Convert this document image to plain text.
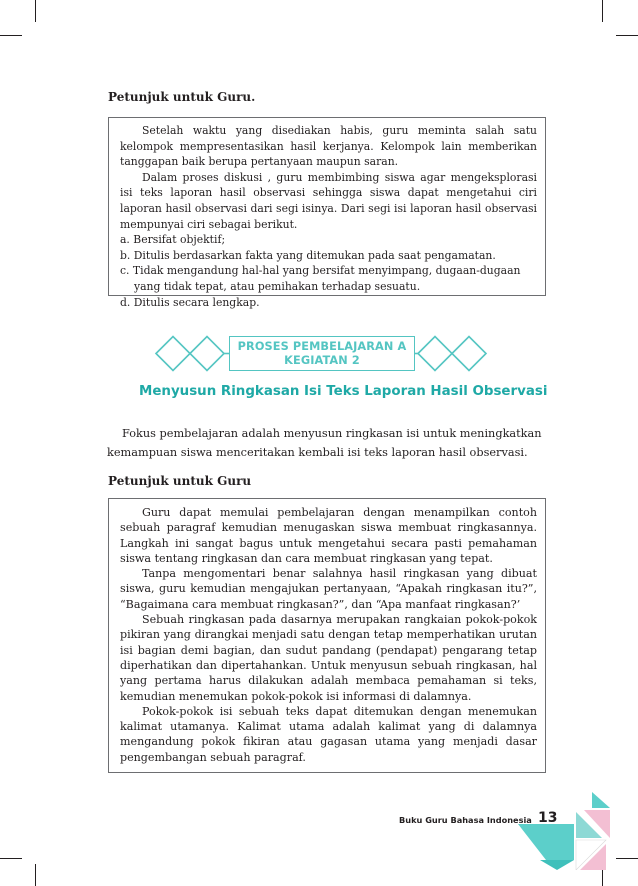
Petunjuk untuk Guru.

Setelah waktu yang disediakan habis, guru meminta salah satu kelompok mempresentasikan hasil kerjanya. Kelompok lain memberikan tanggapan baik berupa pertanyaan maupun saran.

Dalam proses diskusi , guru membimbing siswa agar mengeksplorasi isi teks laporan hasil observasi sehingga siswa dapat mengetahui ciri laporan hasil observasi dari segi isinya. Dari segi isi laporan hasil observasi mempunyai ciri sebagai berikut.

a. Bersifat objektif;

b. Ditulis berdasarkan fakta yang ditemukan pada saat pengamatan.

c. Tidak mengandung hal-hal yang bersifat menyimpang, dugaan-dugaan yang tidak tepat, atau pemihakan terhadap sesuatu.

d. Ditulis secara lengkap.

PROSES PEMBELAJARAN A
KEGIATAN 2
Menyusun Ringkasan Isi Teks Laporan Hasil Observasi
Fokus pembelajaran adalah menyusun ringkasan isi untuk meningkatkan
kemampuan siswa menceritakan kembali isi teks laporan hasil observasi.
Petunjuk untuk Guru

Guru dapat memulai pembelajaran dengan menampilkan contoh sebuah paragraf kemudian menugaskan siswa membuat ringkasannya. Langkah ini sangat bagus untuk mengetahui secara pasti pemahaman siswa tentang ringkasan dan cara membuat ringkasan yang tepat.

Tanpa mengomentari benar salahnya hasil ringkasan yang dibuat siswa, guru kemudian mengajukan pertanyaan, “Apakah ringkasan itu?”, “Bagaimana cara membuat ringkasan?”, dan “Apa manfaat ringkasan?’

Sebuah ringkasan pada dasarnya merupakan rangkaian pokok-pokok pikiran yang dirangkai menjadi satu dengan tetap memperhatikan urutan isi bagian demi bagian, dan sudut pandang (pendapat) pengarang tetap diperhatikan dan dipertahankan. Untuk menyusun sebuah ringkasan, hal yang pertama harus dilakukan adalah membaca pemahaman si teks, kemudian menemukan pokok-pokok isi informasi di dalamnya.

Pokok-pokok isi sebuah teks dapat ditemukan dengan menemukan kalimat utamanya. Kalimat utama adalah kalimat yang di dalamnya mengandung pokok fikiran atau gagasan utama yang menjadi dasar pengembangan sebuah paragraf.

Buku Guru Bahasa Indonesia 13
